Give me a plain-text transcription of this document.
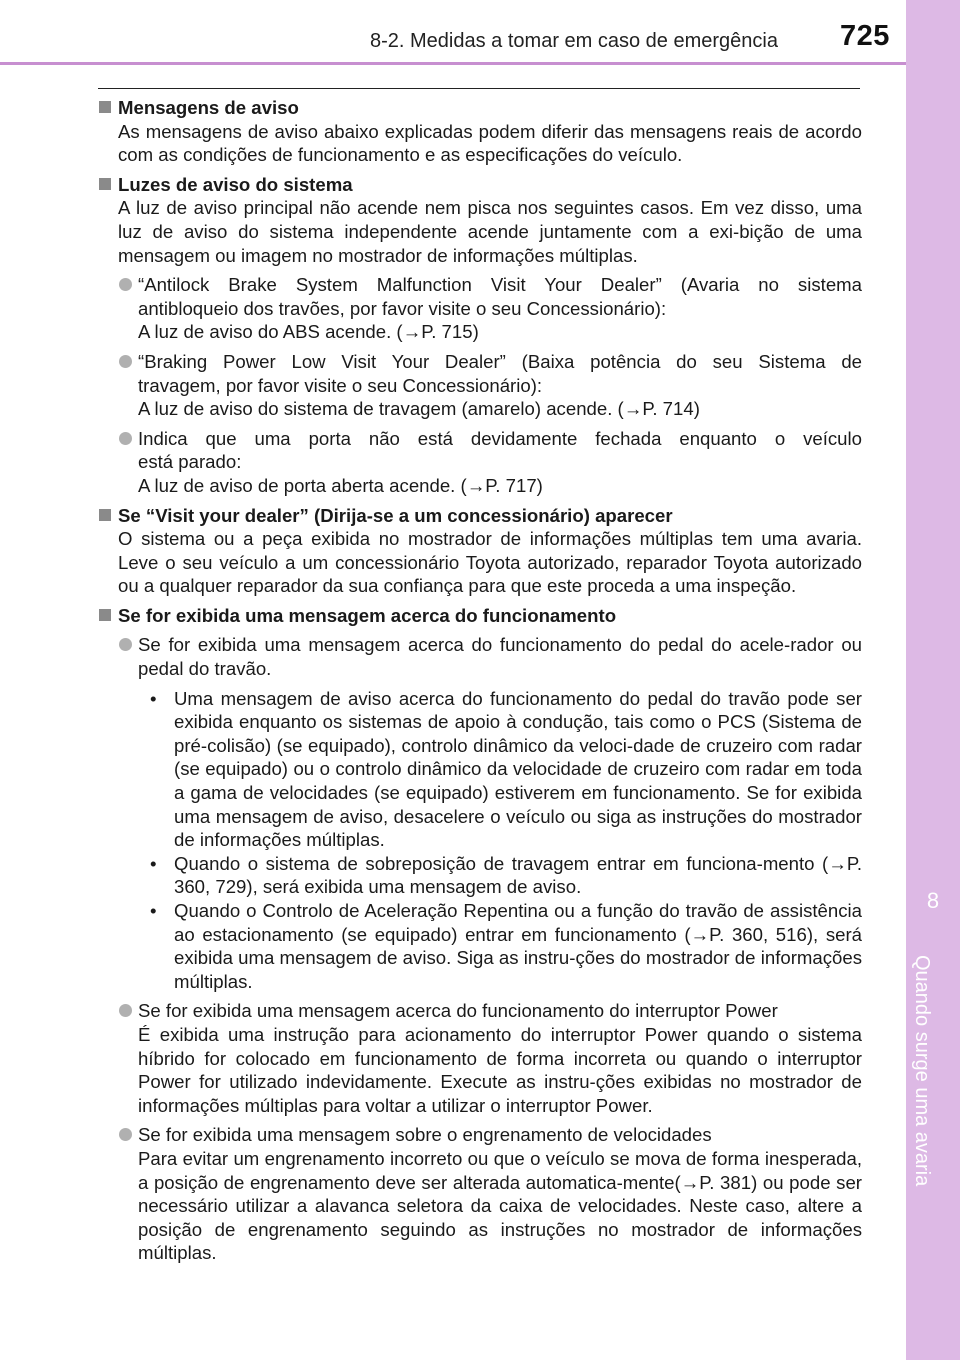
8-2. Medidas a tomar em caso de emergência 725
8
Quando surge uma avaria
Mensagens de aviso
As mensagens de aviso abaixo explicadas podem diferir das mensagens reais de acordo com as condições de funcionamento e as especificações do veículo.
Luzes de aviso do sistema
A luz de aviso principal não acende nem pisca nos seguintes casos. Em vez disso, uma luz de aviso do sistema independente acende juntamente com a exi-bição de uma mensagem ou imagem no mostrador de informações múltiplas.
“Antilock Brake System Malfunction Visit Your Dealer” (Avaria no sistema
antibloqueio dos travões, por favor visite o seu Concessionário):
A luz de aviso do ABS acende. (→P. 715)
“Braking Power Low Visit Your Dealer” (Baixa potência do seu Sistema de
travagem, por favor visite o seu Concessionário):
A luz de aviso do sistema de travagem (amarelo) acende. (→P. 714)
Indica que uma porta não está devidamente fechada enquanto o veículo
está parado:
A luz de aviso de porta aberta acende. (→P. 717)
Se “Visit your dealer” (Dirija-se a um concessionário) aparecer
O sistema ou a peça exibida no mostrador de informações múltiplas tem uma avaria. Leve o seu veículo a um concessionário Toyota autorizado, reparador Toyota autorizado ou a qualquer reparador da sua confiança para que este proceda a uma inspeção.
Se for exibida uma mensagem acerca do funcionamento
Se for exibida uma mensagem acerca do funcionamento do pedal do acele-rador ou pedal do travão.
• Uma mensagem de aviso acerca do funcionamento do pedal do travão pode ser exibida enquanto os sistemas de apoio à condução, tais como o PCS (Sistema de pré-colisão) (se equipado), controlo dinâmico da veloci-dade de cruzeiro com radar (se equipado) ou o controlo dinâmico da velocidade de cruzeiro com radar em toda a gama de velocidades (se equipado) estiverem em funcionamento. Se for exibida uma mensagem de aviso, desacelere o veículo ou siga as instruções do mostrador de informações múltiplas.
• Quando o sistema de sobreposição de travagem entrar em funciona-mento (→P. 360, 729), será exibida uma mensagem de aviso.
• Quando o Controlo de Aceleração Repentina ou a função do travão de assistência ao estacionamento (se equipado) entrar em funcionamento (→P. 360, 516), será exibida uma mensagem de aviso. Siga as instru-ções do mostrador de informações múltiplas.
Se for exibida uma mensagem acerca do funcionamento do interruptor Power
É exibida uma instrução para acionamento do interruptor Power quando o sistema híbrido for colocado em funcionamento de forma incorreta ou quando o interruptor Power for utilizado indevidamente. Execute as instru-ções exibidas no mostrador de informações múltiplas para voltar a utilizar o interruptor Power.
Se for exibida uma mensagem sobre o engrenamento de velocidades
Para evitar um engrenamento incorreto ou que o veículo se mova de forma inesperada, a posição de engrenamento deve ser alterada automatica-mente(→P. 381) ou pode ser necessário utilizar a alavanca seletora da caixa de velocidades. Neste caso, altere a posição de engrenamento seguindo as instruções no mostrador de informações múltiplas.
